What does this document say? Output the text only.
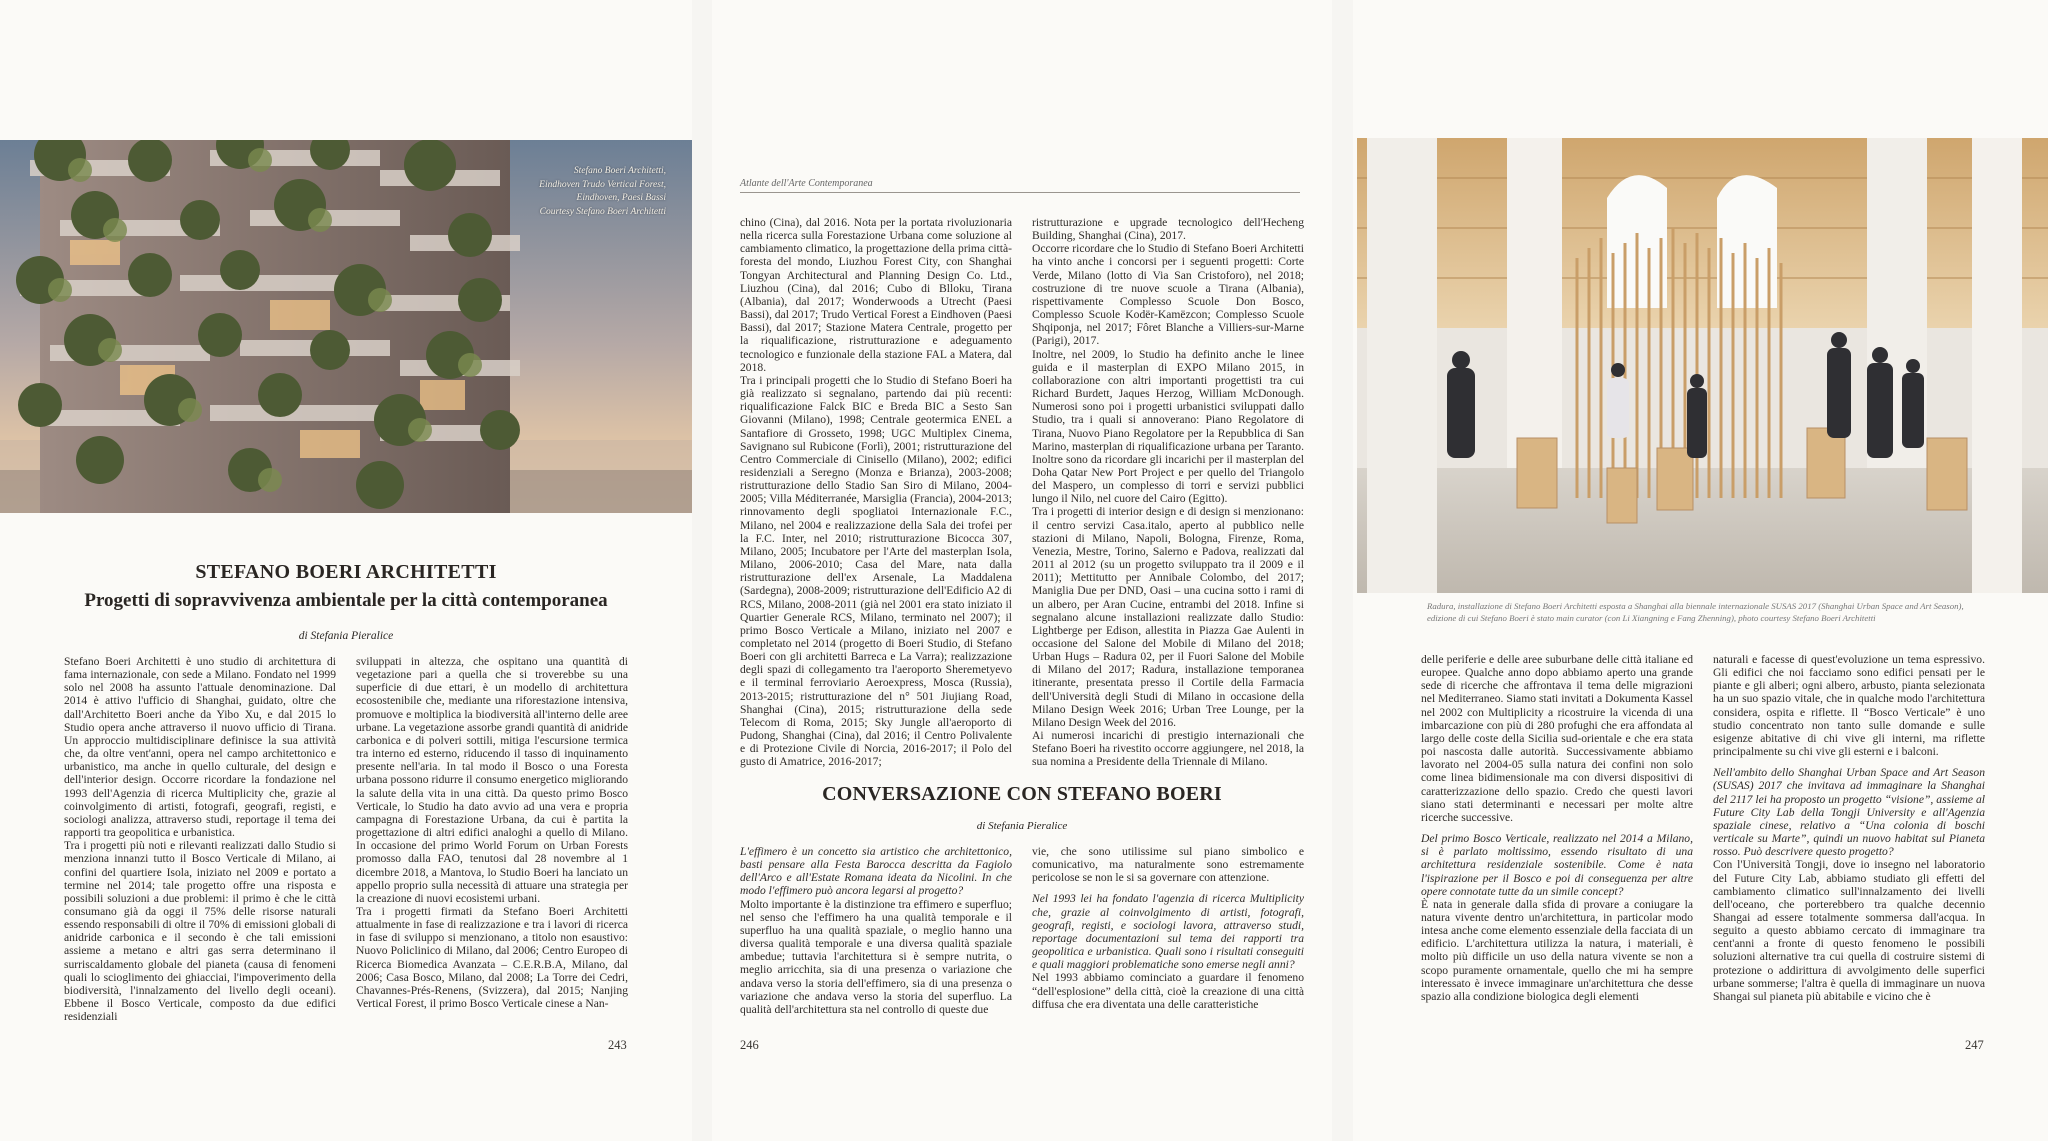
Stefano Boeri Architetti,
Eindhoven Trudo Vertical Forest,
Eindhoven, Paesi Bassi
Courtesy Stefano Boeri Architetti
STEFANO BOERI ARCHITETTI
Progetti di sopravvivenza ambientale per la città contemporanea
di Stefania Pieralice

Stefano Boeri Architetti è uno studio di architettura di fama internazionale, con sede a Milano. Fondato nel 1999 solo nel 2008 ha assunto l'attuale denominazione. Dal 2014 è attivo l'ufficio di Shanghai, guidato, oltre che dall'Architetto Boeri anche da Yibo Xu, e dal 2015 lo Studio opera anche attraverso il nuovo ufficio di Tirana. Un approccio multidisciplinare definisce la sua attività che, da oltre vent'anni, opera nel campo architettonico e urbanistico, ma anche in quello culturale, del design e dell'interior design. Occorre ricordare la fondazione nel 1993 dell'Agenzia di ricerca Multiplicity che, grazie al coinvolgimento di artisti, fotografi, geografi, registi, e sociologi analizza, attraverso studi, reportage il tema dei rapporti tra geopolitica e urbanistica.

Tra i progetti più noti e rilevanti realizzati dallo Studio si menziona innanzi tutto il Bosco Verticale di Milano, ai confini del quartiere Isola, iniziato nel 2009 e portato a termine nel 2014; tale progetto offre una risposta e possibili soluzioni a due problemi: il primo è che le città consumano già da oggi il 75% delle risorse naturali essendo responsabili di oltre il 70% di emissioni globali di anidride carbonica e il secondo è che tali emissioni assieme a metano e altri gas serra determinano il surriscaldamento globale del pianeta (causa di fenomeni quali lo scioglimento dei ghiacciai, l'impoverimento della biodiversità, l'innalzamento del livello degli oceani). Ebbene il Bosco Verticale, composto da due edifici residenziali

sviluppati in altezza, che ospitano una quantità di vegetazione pari a quella che si troverebbe su una superficie di due ettari, è un modello di architettura ecosostenibile che, mediante una riforestazione intensiva, promuove e moltiplica la biodiversità all'interno delle aree urbane. La vegetazione assorbe grandi quantità di anidride carbonica e di polveri sottili, mitiga l'escursione termica tra interno ed esterno, riducendo il tasso di inquinamento presente nell'aria. In tal modo il Bosco o una Foresta urbana possono ridurre il consumo energetico migliorando la salute della vita in una città. Da questo primo Bosco Verticale, lo Studio ha dato avvio ad una vera e propria campagna di Forestazione Urbana, da cui è partita la progettazione di altri edifici analoghi a quello di Milano. In occasione del primo World Forum on Urban Forests promosso dalla FAO, tenutosi dal 28 novembre al 1 dicembre 2018, a Mantova, lo Studio Boeri ha lanciato un appello proprio sulla necessità di attuare una strategia per la creazione di nuovi ecosistemi urbani.

Tra i progetti firmati da Stefano Boeri Architetti attualmente in fase di realizzazione e tra i lavori di ricerca in fase di sviluppo si menzionano, a titolo non esaustivo: Nuovo Policlinico di Milano, dal 2006; Centro Europeo di Ricerca Biomedica Avanzata – C.E.R.B.A, Milano, dal 2006; Casa Bosco, Milano, dal 2008; La Torre dei Cedri, Chavannes-Prés-Renens, (Svizzera), dal 2015; Nanjing Vertical Forest, il primo Bosco Verticale cinese a Nan-

243
Atlante dell'Arte Contemporanea

chino (Cina), dal 2016. Nota per la portata rivoluzionaria nella ricerca sulla Forestazione Urbana come soluzione al cambiamento climatico, la progettazione della prima città-foresta del mondo, Liuzhou Forest City, con Shanghai Tongyan Architectural and Planning Design Co. Ltd., Liuzhou (Cina), dal 2016; Cubo di Blloku, Tirana (Albania), dal 2017; Wonderwoods a Utrecht (Paesi Bassi), dal 2017; Trudo Vertical Forest a Eindhoven (Paesi Bassi), dal 2017; Stazione Matera Centrale, progetto per la riqualificazione, ristrutturazione e adeguamento tecnologico e funzionale della stazione FAL a Matera, dal 2018.

Tra i principali progetti che lo Studio di Stefano Boeri ha già realizzato si segnalano, partendo dai più recenti: riqualificazione Falck BIC e Breda BIC a Sesto San Giovanni (Milano), 1998; Centrale geotermica ENEL a Santafiore di Grosseto, 1998; UGC Multiplex Cinema, Savignano sul Rubicone (Forlì), 2001; ristrutturazione del Centro Commerciale di Cinisello (Milano), 2002; edifici residenziali a Seregno (Monza e Brianza), 2003-2008; ristrutturazione dello Stadio San Siro di Milano, 2004-2005; Villa Méditerranée, Marsiglia (Francia), 2004-2013; rinnovamento degli spogliatoi Internazionale F.C., Milano, nel 2004 e realizzazione della Sala dei trofei per la F.C. Inter, nel 2010; ristrutturazione Bicocca 307, Milano, 2005; Incubatore per l'Arte del masterplan Isola, Milano, 2006-2010; Casa del Mare, nata dalla ristrutturazione dell'ex Arsenale, La Maddalena (Sardegna), 2008-2009; ristrutturazione dell'Edificio A2 di RCS, Milano, 2008-2011 (già nel 2001 era stato iniziato il Quartier Generale RCS, Milano, terminato nel 2007); il primo Bosco Verticale a Milano, iniziato nel 2007 e completato nel 2014 (progetto di Boeri Studio, di Stefano Boeri con gli architetti Barreca e La Varra); realizzazione degli spazi di collegamento tra l'aeroporto Sheremetyevo e il terminal ferroviario Aeroexpress, Mosca (Russia), 2013-2015; ristrutturazione del n° 501 Jiujiang Road, Shanghai (Cina), 2015; ristrutturazione della sede Telecom di Roma, 2015; Sky Jungle all'aeroporto di Pudong, Shanghai (Cina), dal 2016; il Centro Polivalente e di Protezione Civile di Norcia, 2016-2017; il Polo del gusto di Amatrice, 2016-2017;

ristrutturazione e upgrade tecnologico dell'Hecheng Building, Shanghai (Cina), 2017.

Occorre ricordare che lo Studio di Stefano Boeri Architetti ha vinto anche i concorsi per i seguenti progetti: Corte Verde, Milano (lotto di Via San Cristoforo), nel 2018; costruzione di tre nuove scuole a Tirana (Albania), rispettivamente Complesso Scuole Don Bosco, Complesso Scuole Kodër-Kamëzcon; Complesso Scuole Shqiponja, nel 2017; Fôret Blanche a Villiers-sur-Marne (Parigi), 2017.

Inoltre, nel 2009, lo Studio ha definito anche le linee guida e il masterplan di EXPO Milano 2015, in collaborazione con altri importanti progettisti tra cui Richard Burdett, Jaques Herzog, William McDonough. Numerosi sono poi i progetti urbanistici sviluppati dallo Studio, tra i quali si annoverano: Piano Regolatore di Tirana, Nuovo Piano Regolatore per la Repubblica di San Marino, masterplan di riqualificazione urbana per Taranto. Inoltre sono da ricordare gli incarichi per il masterplan del Doha Qatar New Port Project e per quello del Triangolo del Maspero, un complesso di torri e servizi pubblici lungo il Nilo, nel cuore del Cairo (Egitto).

Tra i progetti di interior design e di design si menzionano: il centro servizi Casa.italo, aperto al pubblico nelle stazioni di Milano, Napoli, Bologna, Firenze, Roma, Venezia, Mestre, Torino, Salerno e Padova, realizzati dal 2011 al 2012 (su un progetto sviluppato tra il 2009 e il 2011); Mettitutto per Annibale Colombo, del 2017; Maniglia Due per DND, Oasi – una cucina sotto i rami di un albero, per Aran Cucine, entrambi del 2018. Infine si segnalano alcune installazioni realizzate dallo Studio: Lightberge per Edison, allestita in Piazza Gae Aulenti in occasione del Salone del Mobile di Milano del 2018; Urban Hugs – Radura 02, per il Fuori Salone del Mobile di Milano del 2017; Radura, installazione temporanea itinerante, presentata presso il Cortile della Farmacia dell'Università degli Studi di Milano in occasione della Milano Design Week 2016; Urban Tree Lounge, per la Milano Design Week del 2016.

Ai numerosi incarichi di prestigio internazionali che Stefano Boeri ha rivestito occorre aggiungere, nel 2018, la sua nomina a Presidente della Triennale di Milano.

CONVERSAZIONE CON STEFANO BOERI
di Stefania Pieralice

L'effimero è un concetto sia artistico che architettonico, basti pensare alla Festa Barocca descritta da Fagiolo dell'Arco e all'Estate Romana ideata da Nicolini. In che modo l'effimero può ancora legarsi al progetto?

Molto importante è la distinzione tra effimero e superfluo; nel senso che l'effimero ha una qualità temporale e il superfluo ha una qualità spaziale, o meglio hanno una diversa qualità temporale e una diversa qualità spaziale ambedue; tuttavia l'architettura si è sempre nutrita, o meglio arricchita, sia di una presenza o variazione che andava verso la storia dell'effimero, sia di una presenza o variazione che andava verso la storia del superfluo. La qualità dell'architettura sta nel controllo di queste due

vie, che sono utilissime sul piano simbolico e comunicativo, ma naturalmente sono estremamente pericolose se non le si sa governare con attenzione.

Nel 1993 lei ha fondato l'agenzia di ricerca Multiplicity che, grazie al coinvolgimento di artisti, fotografi, geografi, registi, e sociologi lavora, attraverso studi, reportage documentazioni sul tema dei rapporti tra geopolitica e urbanistica. Quali sono i risultati conseguiti e quali maggiori problematiche sono emerse negli anni?

Nel 1993 abbiamo cominciato a guardare il fenomeno “dell'esplosione” della città, cioè la creazione di una città diffusa che era diventata una delle caratteristiche

246
Radura, installazione di Stefano Boeri Architetti esposta a Shanghai alla biennale internazionale SUSAS 2017 (Shanghai Urban Space and Art Season),
edizione di cui Stefano Boeri è stato main curator (con Li Xiangning e Fang Zhenning), photo courtesy Stefano Boeri Architetti

delle periferie e delle aree suburbane delle città italiane ed europee. Qualche anno dopo abbiamo aperto una grande sede di ricerche che affrontava il tema delle migrazioni nel Mediterraneo. Siamo stati invitati a Dokumenta Kassel nel 2002 con Multiplicity a ricostruire la vicenda di una imbarcazione con più di 280 profughi che era affondata al largo delle coste della Sicilia sud-orientale e che era stata poi nascosta dalle autorità. Successivamente abbiamo lavorato nel 2004-05 sulla natura dei confini non solo come linea bidimensionale ma con diversi dispositivi di caratterizzazione dello spazio. Credo che questi lavori siano stati determinanti e necessari per molte altre ricerche successive.

Del primo Bosco Verticale, realizzato nel 2014 a Milano, si è parlato moltissimo, essendo risultato di una architettura residenziale sostenibile. Come è nata l'ispirazione per il Bosco e poi di conseguenza per altre opere connotate tutte da un simile concept?

È nata in generale dalla sfida di provare a coniugare la natura vivente dentro un'architettura, in particolar modo intesa anche come elemento essenziale della facciata di un edificio. L'architettura utilizza la natura, i materiali, è molto più difficile un uso della natura vivente se non a scopo puramente ornamentale, quello che mi ha sempre interessato è invece immaginare un'architettura che desse spazio alla condizione biologica degli elementi

naturali e facesse di quest'evoluzione un tema espressivo. Gli edifici che noi facciamo sono edifici pensati per le piante e gli alberi; ogni albero, arbusto, pianta selezionata ha un suo spazio vitale, che in qualche modo l'architettura considera, ospita e riflette. Il “Bosco Verticale” è uno studio concentrato non tanto sulle domande e sulle esigenze abitative di chi vive gli interni, ma riflette principalmente su chi vive gli esterni e i balconi.

Nell'ambito dello Shanghai Urban Space and Art Season (SUSAS) 2017 che invitava ad immaginare la Shanghai del 2117 lei ha proposto un progetto “visione”, assieme al Future City Lab della Tongji University e all'Agenzia spaziale cinese, relativo a “Una colonia di boschi verticale su Marte”, quindi un nuovo habitat sul Pianeta rosso. Può descrivere questo progetto?

Con l'Università Tongji, dove io insegno nel laboratorio del Future City Lab, abbiamo studiato gli effetti del cambiamento climatico sull'innalzamento dei livelli dell'oceano, che porterebbero tra qualche decennio Shangai ad essere totalmente sommersa dall'acqua. In seguito a questo abbiamo cercato di immaginare tra cent'anni a fronte di questo fenomeno le possibili soluzioni alternative tra cui quella di costruire sistemi di protezione o addirittura di avvolgimento delle superfici urbane sommerse; l'altra è quella di immaginare un nuova Shangai sul pianeta più abitabile e vicino che è

247
